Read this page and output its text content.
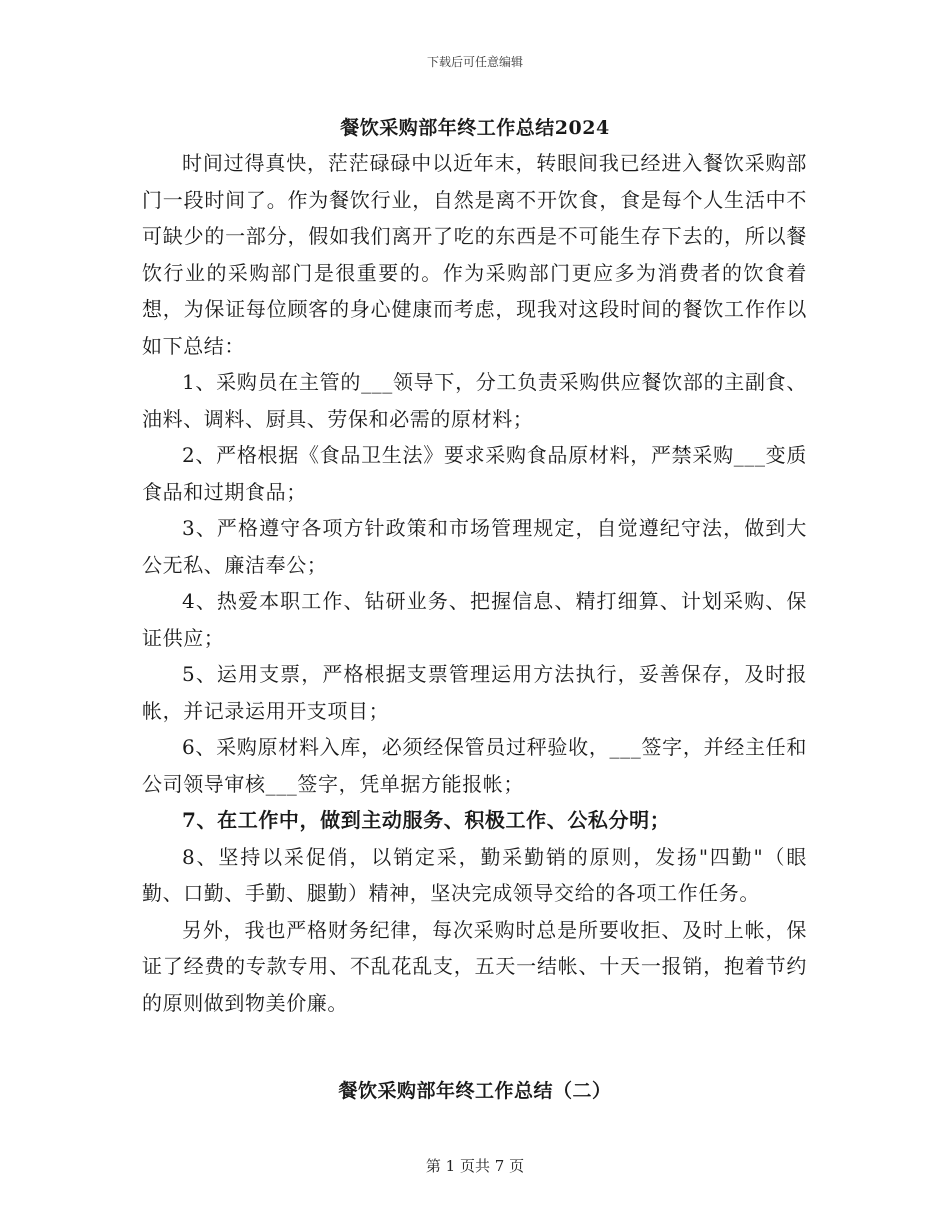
下载后可任意编辑
餐饮采购部年终工作总结2024

时间过得真快，茫茫碌碌中以近年末，转眼间我已经进入餐饮采购部门一段时间了。作为餐饮行业，自然是离不开饮食，食是每个人生活中不可缺少的一部分，假如我们离开了吃的东西是不可能生存下去的，所以餐饮行业的采购部门是很重要的。作为采购部门更应多为消费者的饮食着想，为保证每位顾客的身心健康而考虑，现我对这段时间的餐饮工作作以如下总结：

1、采购员在主管的___领导下，分工负责采购供应餐饮部的主副食、油料、调料、厨具、劳保和必需的原材料；

2、严格根据《食品卫生法》要求采购食品原材料，严禁采购___变质食品和过期食品；

3、严格遵守各项方针政策和市场管理规定，自觉遵纪守法，做到大公无私、廉洁奉公；

4、热爱本职工作、钻研业务、把握信息、精打细算、计划采购、保证供应；

5、运用支票，严格根据支票管理运用方法执行，妥善保存，及时报帐，并记录运用开支项目；

6、采购原材料入库，必须经保管员过秤验收，___签字，并经主任和公司领导审核___签字，凭单据方能报帐；

7、在工作中，做到主动服务、积极工作、公私分明；

8、坚持以采促俏，以销定采，勤采勤销的原则，发扬"四勤"（眼勤、口勤、手勤、腿勤）精神，坚决完成领导交给的各项工作任务。

另外，我也严格财务纪律，每次采购时总是所要收拒、及时上帐，保证了经费的专款专用、不乱花乱支，五天一结帐、十天一报销，抱着节约的原则做到物美价廉。

餐饮采购部年终工作总结（二）
第 1 页共 7 页
